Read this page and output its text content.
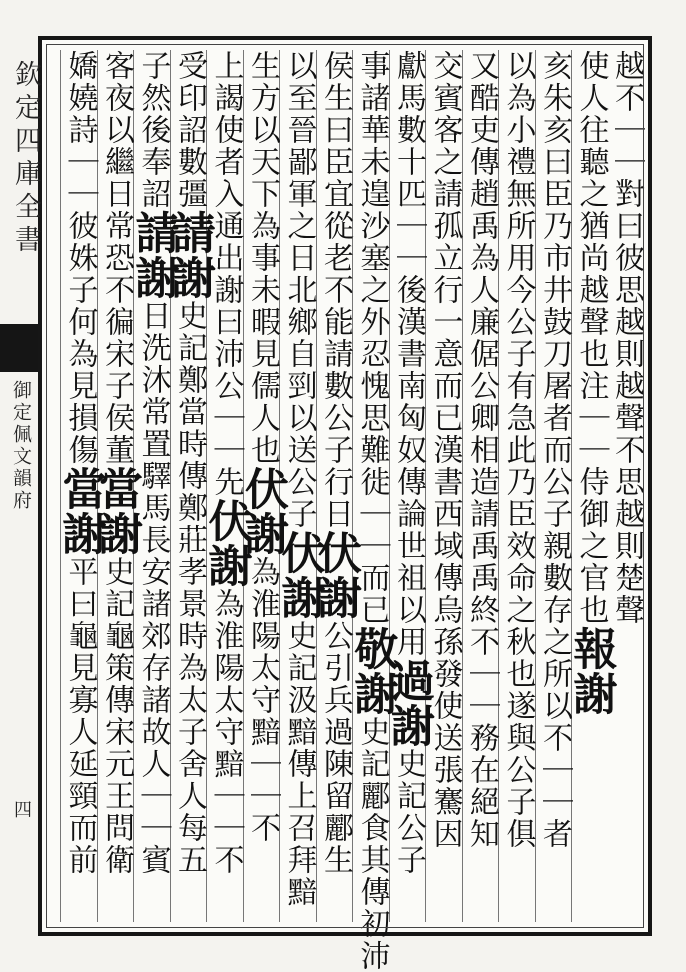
欽定四庫全書
御定佩文韻府
四
越不｜｜對曰彼思越則越聲不思越則楚聲
使人往聽之猶尚越聲也注｜｜侍御之官也報謝
亥朱亥曰臣乃市井鼓刀屠者而公子親數存之所以不｜｜者
以為小禮無所用今公子有急此乃臣效命之秋也遂與公子俱
又酷吏傳趙禹為人廉倨公卿相造請禹禹終不｜｜務在絕知
交賓客之請孤立行一意而已漢書西域傳烏孫發使送張騫因
獻馬數十匹｜｜後漢書南匈奴傳論世祖以用過謝史記公子
事諸華未遑沙塞之外忍愧思難徙｜｜而已敬謝史記酈食其傳初沛
侯生曰臣宜從老不能請數公子行日伏謝公引兵過陳留酈生
以至晉鄙軍之日北鄉自剄以送公子伏謝史記汲黯傳上召拜黯
生方以天下為事未暇見儒人也伏謝為淮陽太守黯｜｜不
上謁使者入通出謝曰沛公｜｜先伏謝為淮陽太守黯｜｜不
受印詔數彊請謝史記鄭當時傳鄭莊孝景時為太子舍人每五
子然後奉詔請謝日洗沐常置驛馬長安諸郊存諸故人｜｜賓
客夜以繼日常恐不徧宋子侯董當謝史記龜策傳宋元王問衛
嬌嬈詩｜｜彼姝子何為見損傷當謝平曰龜見寡人延頸而前
